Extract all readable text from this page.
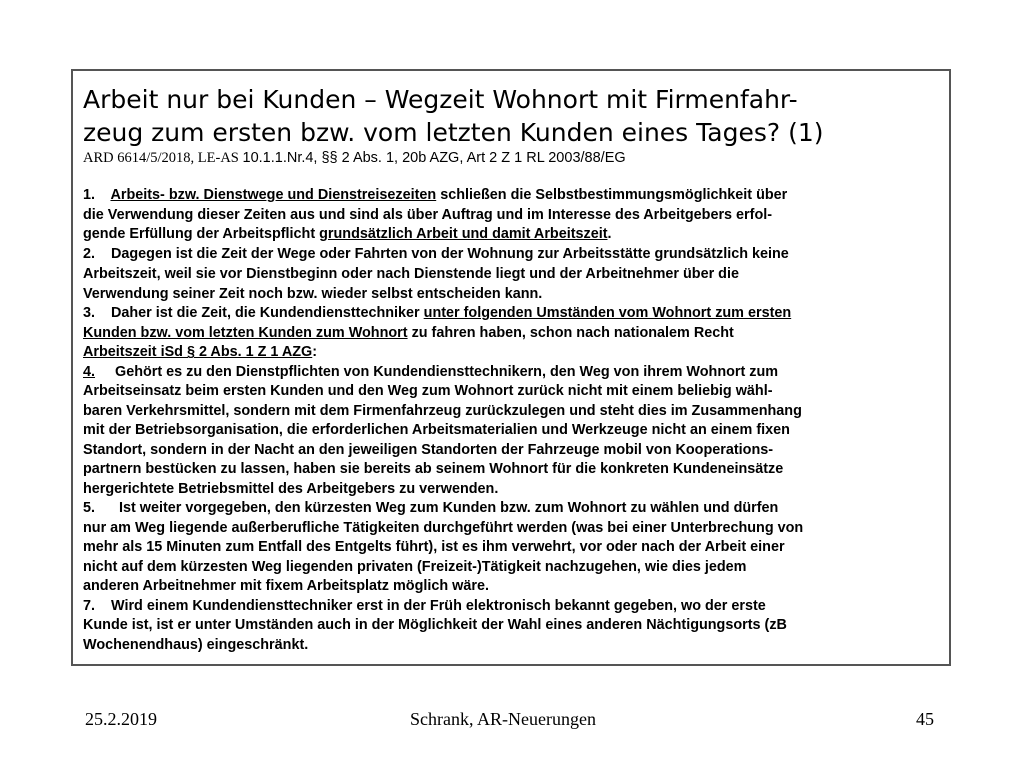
Arbeit nur bei Kunden – Wegzeit Wohnort mit Firmenfahr-
zeug zum ersten bzw. vom letzten Kunden eines Tages? (1)
ARD 6614/5/2018, LE-AS 10.1.1.Nr.4, §§ 2 Abs. 1, 20b AZG, Art 2 Z 1 RL 2003/88/EG
1.    Arbeits- bzw. Dienstwege und Dienstreisezeiten schließen die Selbstbestimmungsmöglichkeit über
die Verwendung dieser Zeiten aus und sind als über Auftrag und im Interesse des Arbeitgebers erfol-
gende Erfüllung der Arbeitspflicht grundsätzlich Arbeit und damit Arbeitszeit.
2.    Dagegen ist die Zeit der Wege oder Fahrten von der Wohnung zur Arbeitsstätte grundsätzlich keine
Arbeitszeit, weil sie vor Dienstbeginn oder nach Dienstende liegt und der Arbeitnehmer über die
Verwendung seiner Zeit noch bzw. wieder selbst entscheiden kann.
3.    Daher ist die Zeit, die Kundendiensttechniker unter folgenden Umständen vom Wohnort zum ersten
Kunden bzw. vom letzten Kunden zum Wohnort zu fahren haben, schon nach nationalem Recht
Arbeitszeit iSd § 2 Abs. 1 Z 1 AZG:
4.     Gehört es zu den Dienstpflichten von Kundendiensttechnikern, den Weg von ihrem Wohnort zum
Arbeitseinsatz beim ersten Kunden und den Weg zum Wohnort zurück nicht mit einem beliebig wähl-
baren Verkehrsmittel, sondern mit dem Firmenfahrzeug zurückzulegen und steht dies im Zusammenhang
mit der Betriebsorganisation, die erforderlichen Arbeitsmaterialien und Werkzeuge nicht an einem fixen
Standort, sondern in der Nacht an den jeweiligen Standorten der Fahrzeuge mobil von Kooperations-
partnern bestücken zu lassen, haben sie bereits ab seinem Wohnort für die konkreten Kundeneinsätze
hergerichtete Betriebsmittel des Arbeitgebers zu verwenden.
5.      Ist weiter vorgegeben, den kürzesten Weg zum Kunden bzw. zum Wohnort zu wählen und dürfen
nur am Weg liegende außerberufliche Tätigkeiten durchgeführt werden (was bei einer Unterbrechung von
mehr als 15 Minuten zum Entfall des Entgelts führt), ist es ihm verwehrt, vor oder nach der Arbeit einer
nicht auf dem kürzesten Weg liegenden privaten (Freizeit-)Tätigkeit nachzugehen, wie dies jedem
anderen Arbeitnehmer mit fixem Arbeitsplatz möglich wäre.
7.    Wird einem Kundendiensttechniker erst in der Früh elektronisch bekannt gegeben, wo der erste
Kunde ist, ist er unter Umständen auch in der Möglichkeit der Wahl eines anderen Nächtigungsorts (zB
Wochenendhaus) eingeschränkt.
25.2.2019	Schrank, AR-Neuerungen	45
